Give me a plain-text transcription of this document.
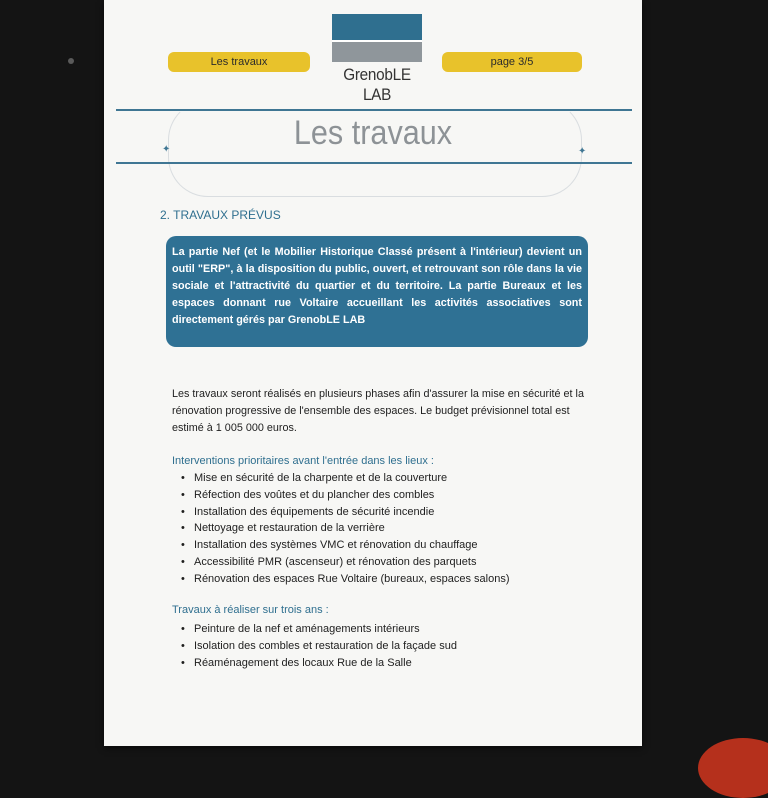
Les travaux
GrenobLE LAB
page 3/5
✦	✦
Les travaux
2. TRAVAUX PRÉVUS

La partie Nef (et le Mobilier Historique Classé présent à l'intérieur) devient un outil "ERP", à la disposition du public, ouvert, et retrouvant son rôle dans la vie sociale et l'attractivité du quartier et du territoire. La partie Bureaux et les espaces donnant rue Voltaire accueillant les activités associatives sont directement gérés par GrenobLE LAB

Les travaux seront réalisés en plusieurs phases afin d'assurer la mise en sécurité et la rénovation progressive de l'ensemble des espaces. Le budget prévisionnel total est estimé à 1 005 000 euros.
Interventions prioritaires avant l'entrée dans les lieux :
• Mise en sécurité de la charpente et de la couverture
• Réfection des voûtes et du plancher des combles
• Installation des équipements de sécurité incendie
• Nettoyage et restauration de la verrière
• Installation des systèmes VMC et rénovation du chauffage
• Accessibilité PMR (ascenseur) et rénovation des parquets
• Rénovation des espaces Rue Voltaire (bureaux, espaces salons)
Travaux à réaliser sur trois ans :
• Peinture de la nef et aménagements intérieurs
• Isolation des combles et restauration de la façade sud
• Réaménagement des locaux Rue de la Salle
